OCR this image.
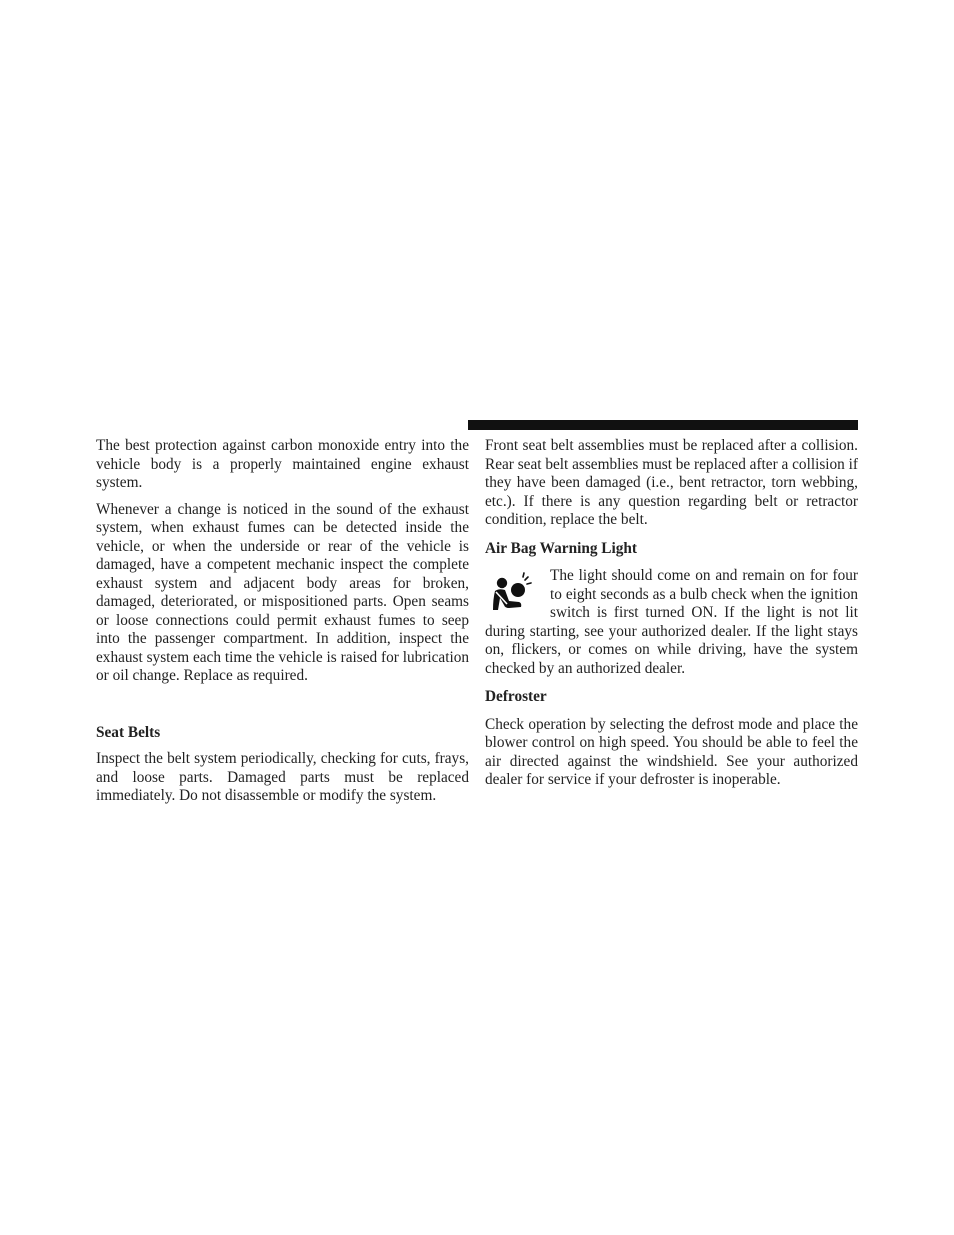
The best protection against carbon monoxide entry into the vehicle body is a properly maintained engine exhaust system.

Whenever a change is noticed in the sound of the exhaust system, when exhaust fumes can be detected inside the vehicle, or when the underside or rear of the vehicle is damaged, have a competent mechanic inspect the complete exhaust system and adjacent body areas for broken, damaged, deteriorated, or mispositioned parts. Open seams or loose connections could permit exhaust fumes to seep into the passenger compartment. In addition, inspect the exhaust system each time the vehicle is raised for lubrication or oil change. Replace as required.

Seat Belts

Inspect the belt system periodically, checking for cuts, frays, and loose parts. Damaged parts must be replaced immediately. Do not disassemble or modify the system.

Front seat belt assemblies must be replaced after a collision. Rear seat belt assemblies must be replaced after a collision if they have been damaged (i.e., bent retractor, torn webbing, etc.). If there is any question regarding belt or retractor condition, replace the belt.

Air Bag Warning Light

The light should come on and remain on for four to eight seconds as a bulb check when the ignition switch is first turned ON. If the light is not lit during starting, see your authorized dealer. If the light stays on, flickers, or comes on while driving, have the system checked by an authorized dealer.

Defroster

Check operation by selecting the defrost mode and place the blower control on high speed. You should be able to feel the air directed against the windshield. See your authorized dealer for service if your defroster is inoperable.
